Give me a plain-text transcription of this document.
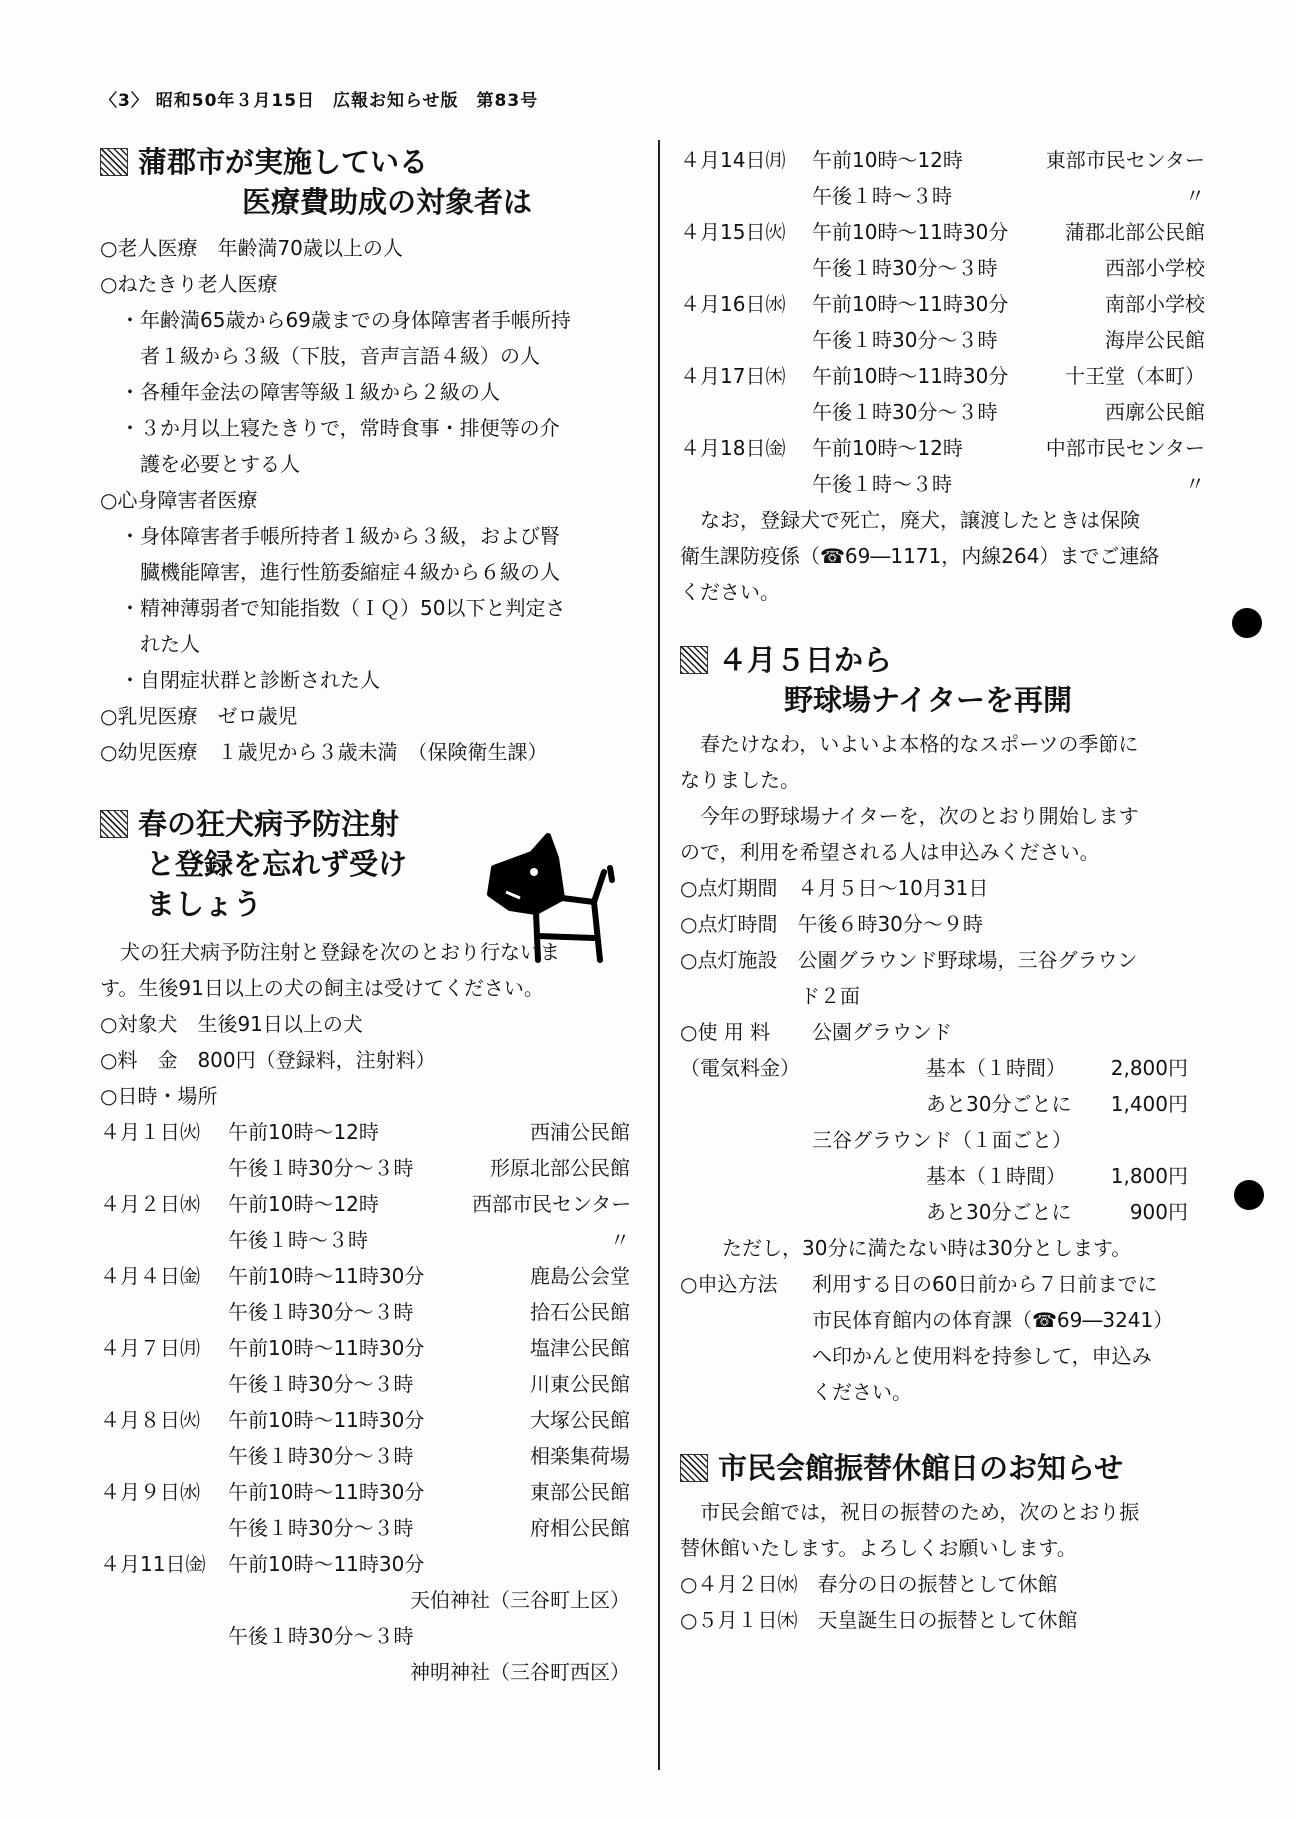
〈3〉 昭和50年３月15日　広報お知らせ版　第83号
蒲郡市が実施している
医療費助成の対象者は
○老人医療　年齢満70歳以上の人
○ねたきり老人医療
　・年齢満65歳から69歳までの身体障害者手帳所持
　　者１級から３級（下肢，音声言語４級）の人
　・各種年金法の障害等級１級から２級の人
　・３か月以上寝たきりで，常時食事・排便等の介
　　護を必要とする人
○心身障害者医療
　・身体障害者手帳所持者１級から３級，および腎
　　臓機能障害，進行性筋委縮症４級から６級の人
　・精神薄弱者で知能指数（ＩＱ）50以下と判定さ
　　れた人
　・自閉症状群と診断された人
○乳児医療　ゼロ歳児
○幼児医療　１歳児から３歳未満　（保険衛生課）
春の狂犬病予防注射
と登録を忘れず受け
ましょう
　犬の狂犬病予防注射と登録を次のとおり行ないま
す。生後91日以上の犬の飼主は受けてください。
○対象犬　生後91日以上の犬
○料　金　800円（登録料，注射料）
○日時・場所
４月１日㈫	午前10時～12時	西浦公民館
午後１時30分～３時	形原北部公民館
４月２日㈬	午前10時～12時	西部市民センター
午後１時～３時	〃
４月４日㈮	午前10時～11時30分	鹿島公会堂
午後１時30分～３時	拾石公民館
４月７日㈪	午前10時～11時30分	塩津公民館
午後１時30分～３時	川東公民館
４月８日㈫	午前10時～11時30分	大塚公民館
午後１時30分～３時	相楽集荷場
４月９日㈬	午前10時～11時30分	東部公民館
午後１時30分～３時	府相公民館
４月11日㈮	午前10時～11時30分
天伯神社（三谷町上区）
午後１時30分～３時
神明神社（三谷町西区）
４月14日㈪	午前10時～12時	東部市民センター
午後１時～３時	〃
４月15日㈫	午前10時～11時30分	蒲郡北部公民館
午後１時30分～３時	西部小学校
４月16日㈬	午前10時～11時30分	南部小学校
午後１時30分～３時	海岸公民館
４月17日㈭	午前10時～11時30分	十王堂（本町）
午後１時30分～３時	西廓公民館
４月18日㈮	午前10時～12時	中部市民センター
午後１時～３時	〃
　なお，登録犬で死亡，廃犬，譲渡したときは保険
衛生課防疫係（☎69―1171，内線264）までご連絡
ください。
４月５日から
野球場ナイターを再開
　春たけなわ，いよいよ本格的なスポーツの季節に
なりました。
　今年の野球場ナイターを，次のとおり開始します
ので，利用を希望される人は申込みください。
○点灯期間　４月５日～10月31日
○点灯時間　午後６時30分～９時
○点灯施設　公園グラウンド野球場，三谷グラウン
　　　　　　ド２面
○使 用 料	公園グラウンド
（電気料金）	基本（１時間）	2,800円
あと30分ごとに	1,400円
三谷グラウンド（１面ごと）
基本（１時間）	1,800円
あと30分ごとに	900円
ただし，30分に満たない時は30分とします。
○申込方法	利用する日の60日前から７日前までに
市民体育館内の体育課（☎69―3241）
へ印かんと使用料を持参して，申込み
ください。
市民会館振替休館日のお知らせ
　市民会館では，祝日の振替のため，次のとおり振
替休館いたします。よろしくお願いします。
○４月２日㈬　春分の日の振替として休館
○５月１日㈭　天皇誕生日の振替として休館
